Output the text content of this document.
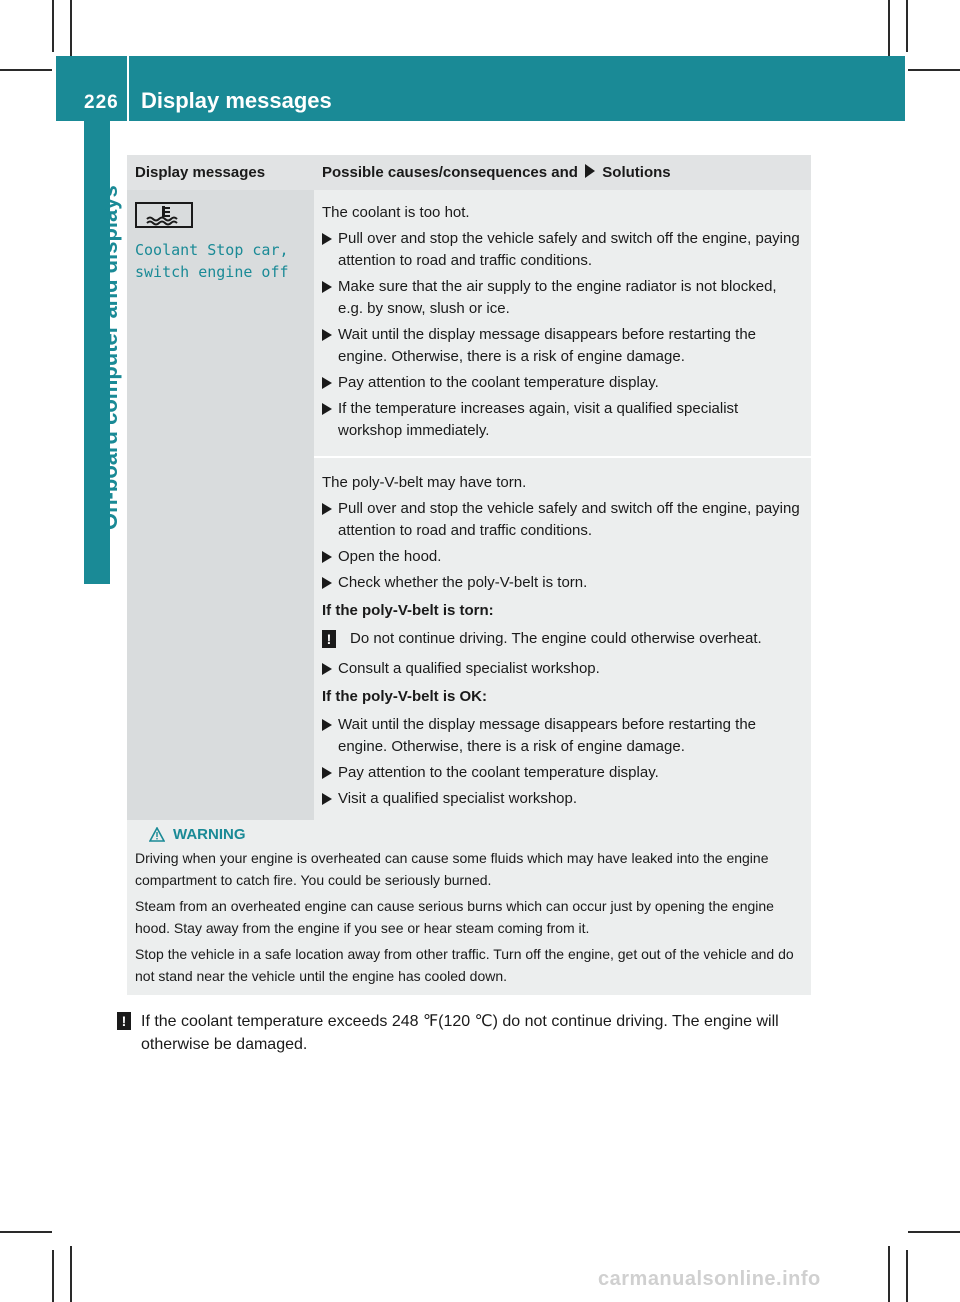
226 Display messages
On-board computer and displays
Display messages	Possible causes/consequences and Solutions
Coolant Stop car,
switch engine off

The coolant is too hot.

Pull over and stop the vehicle safely and switch off the engine, paying attention to road and traffic conditions.
Make sure that the air supply to the engine radiator is not blocked, e.g. by snow, slush or ice.
Wait until the display message disappears before restarting the engine. Otherwise, there is a risk of engine damage.
Pay attention to the coolant temperature display.
If the temperature increases again, visit a qualified specialist workshop immediately.

The poly-V-belt may have torn.

Pull over and stop the vehicle safely and switch off the engine, paying attention to road and traffic conditions.
Open the hood.
Check whether the poly-V-belt is torn.
If the poly-V-belt is torn:
!	Do not continue driving. The engine could otherwise overheat.
Consult a qualified specialist workshop.
If the poly-V-belt is OK:
Wait until the display message disappears before restarting the engine. Otherwise, there is a risk of engine damage.
Pay attention to the coolant temperature display.
Visit a qualified specialist workshop.
WARNING

Driving when your engine is overheated can cause some fluids which may have leaked into the engine compartment to catch fire. You could be seriously burned.

Steam from an overheated engine can cause serious burns which can occur just by opening the engine hood. Stay away from the engine if you see or hear steam coming from it.

Stop the vehicle in a safe location away from other traffic. Turn off the engine, get out of the vehicle and do not stand near the vehicle until the engine has cooled down.

! If the coolant temperature exceeds 248 ℉(120 ℃) do not continue driving. The engine will otherwise be damaged.
carmanualsonline.info
